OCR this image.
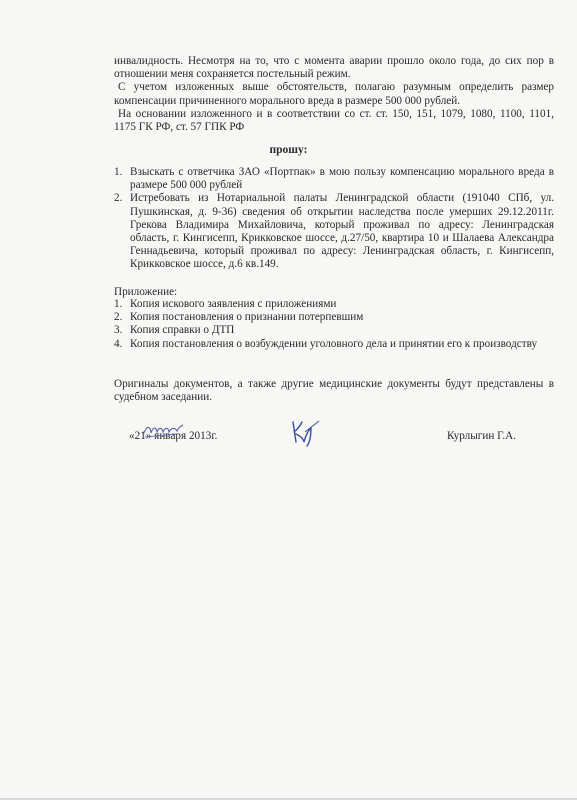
инвалидность. Несмотря на то, что с момента аварии прошло около года, до сих пор в отношении меня сохраняется постельный режим.

С учетом изложенных выше обстоятельств, полагаю разумным определить размер компенсации причиненного морального вреда в размере 500 000 рублей.

На основании изложенного и в соответствии со ст. ст. 150, 151, 1079, 1080, 1100, 1101, 1175 ГК РФ, ст. 57 ГПК РФ

прошу:
1. Взыскать с ответчика ЗАО «Портпак» в мою пользу компенсацию морального вреда в размере 500 000 рублей
2. Истребовать из Нотариальной палаты Ленинградской области (191040 СПб, ул. Пушкинская, д. 9-36) сведения об открытии наследства после умерших 29.12.2011г. Грекова Владимира Михайловича, который проживал по адресу: Ленинградская область, г. Кингисепп, Крикковское шоссе, д.27/50, квартира 10 и Шалаева Александра Геннадьевича, который проживал по адресу: Ленинградская область, г. Кингисепп, Крикковское шоссе, д.6 кв.149.
Приложение:
1. Копия искового заявления с приложениями
2. Копия постановления о признании потерпевшим
3. Копия справки о ДТП
4. Копия постановления о возбуждении уголовного дела и принятии его к производству

Оригиналы документов, а также другие медицинские документы будут представлены в судебном заседании.

«21» января 2013г.	Курлыгин Г.А.
